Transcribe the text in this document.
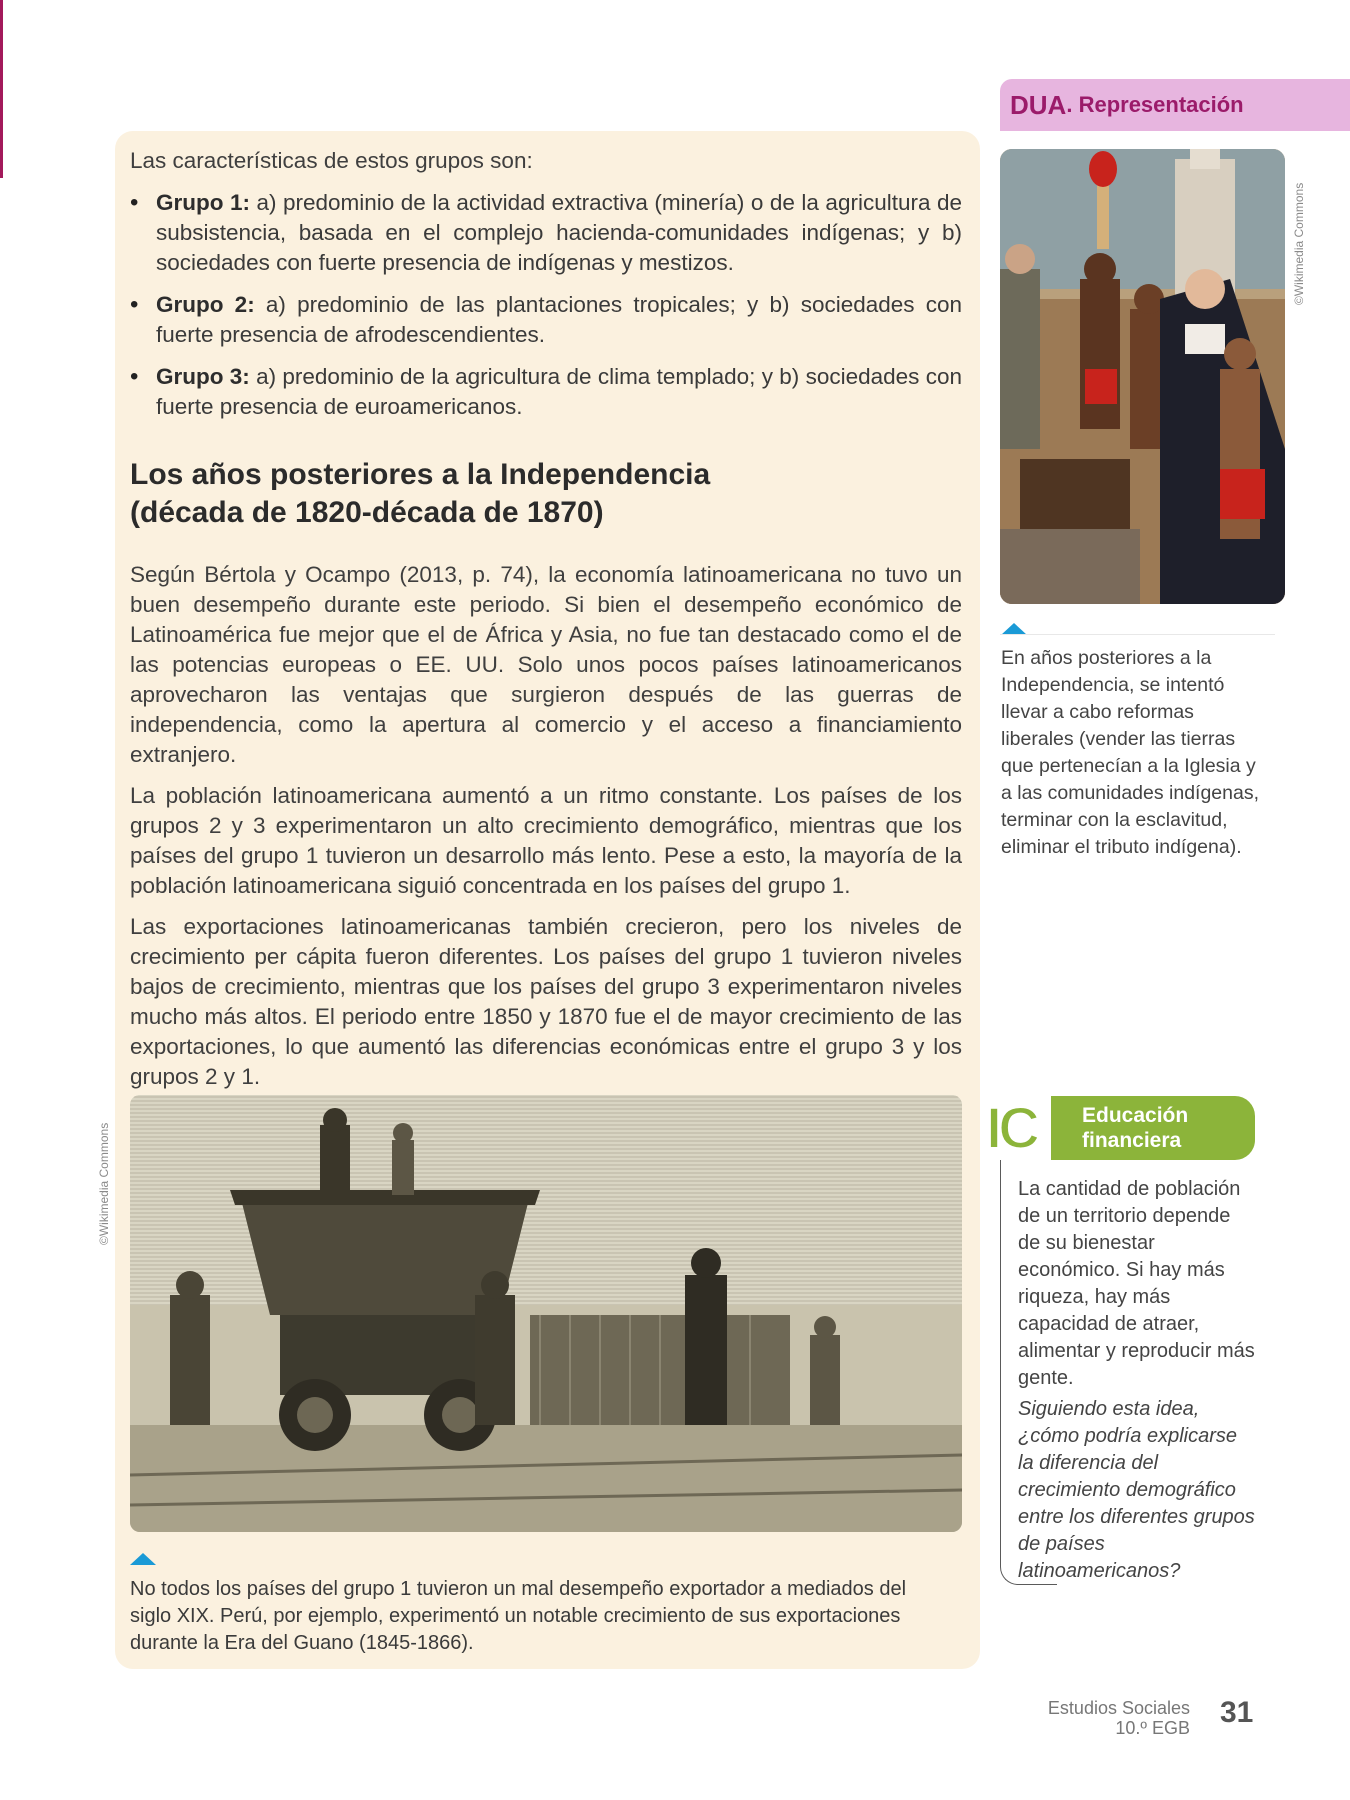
Las características de estos grupos son:

• Grupo 1: a) predominio de la actividad extractiva (minería) o de la agricultura de subsistencia, basada en el complejo hacienda-comunidades indígenas; y b) sociedades con fuerte presencia de indígenas y mestizos.
• Grupo 2: a) predominio de las plantaciones tropicales; y b) sociedades con fuerte presencia de afrodescendientes.
• Grupo 3: a) predominio de la agricultura de clima templado; y b) sociedades con fuerte presencia de euroamericanos.
Los años posteriores a la Independencia (década de 1820-década de 1870)

Según Bértola y Ocampo (2013, p. 74), la economía latinoamericana no tuvo un buen desempeño durante este periodo. Si bien el desempeño económico de Latinoamérica fue mejor que el de África y Asia, no fue tan destacado como el de las potencias europeas o EE. UU. Solo unos pocos países latinoamericanos aprovecharon las ventajas que surgieron después de las guerras de independencia, como la apertura al comercio y el acceso a financiamiento extranjero.

La población latinoamericana aumentó a un ritmo constante. Los países de los grupos 2 y 3 experimentaron un alto crecimiento demográfico, mientras que los países del grupo 1 tuvieron un desarrollo más lento. Pese a esto, la mayoría de la población latinoamericana siguió concentrada en los países del grupo 1.

Las exportaciones latinoamericanas también crecieron, pero los niveles de crecimiento per cápita fueron diferentes. Los países del grupo 1 tuvieron niveles bajos de crecimiento, mientras que los países del grupo 3 experimentaron niveles mucho más altos. El periodo entre 1850 y 1870 fue el de mayor crecimiento de las exportaciones, lo que aumentó las diferencias económicas entre el grupo 3 y los grupos 2 y 1.

©Wikimedia Commons

No todos los países del grupo 1 tuvieron un mal desempeño exportador a mediados del siglo XIX. Perú, por ejemplo, experimentó un notable crecimiento de sus exportaciones durante la Era del Guano (1845-1866).

DUA . Representación
©Wikimedia Commons

En años posteriores a la Independencia, se intentó llevar a cabo reformas liberales (vender las tierras que pertenecían a la Iglesia y a las comunidades indígenas, terminar con la esclavitud, eliminar el tributo indígena).

IC Educación
financiera

La cantidad de población de un territorio depende de su bienestar económico. Si hay más riqueza, hay más capacidad de atraer, alimentar y reproducir más gente.

Siguiendo esta idea, ¿cómo podría explicarse la diferencia del crecimiento demográfico entre los diferentes grupos de países latinoamericanos?

Estudios Sociales
10.º EGB 31
